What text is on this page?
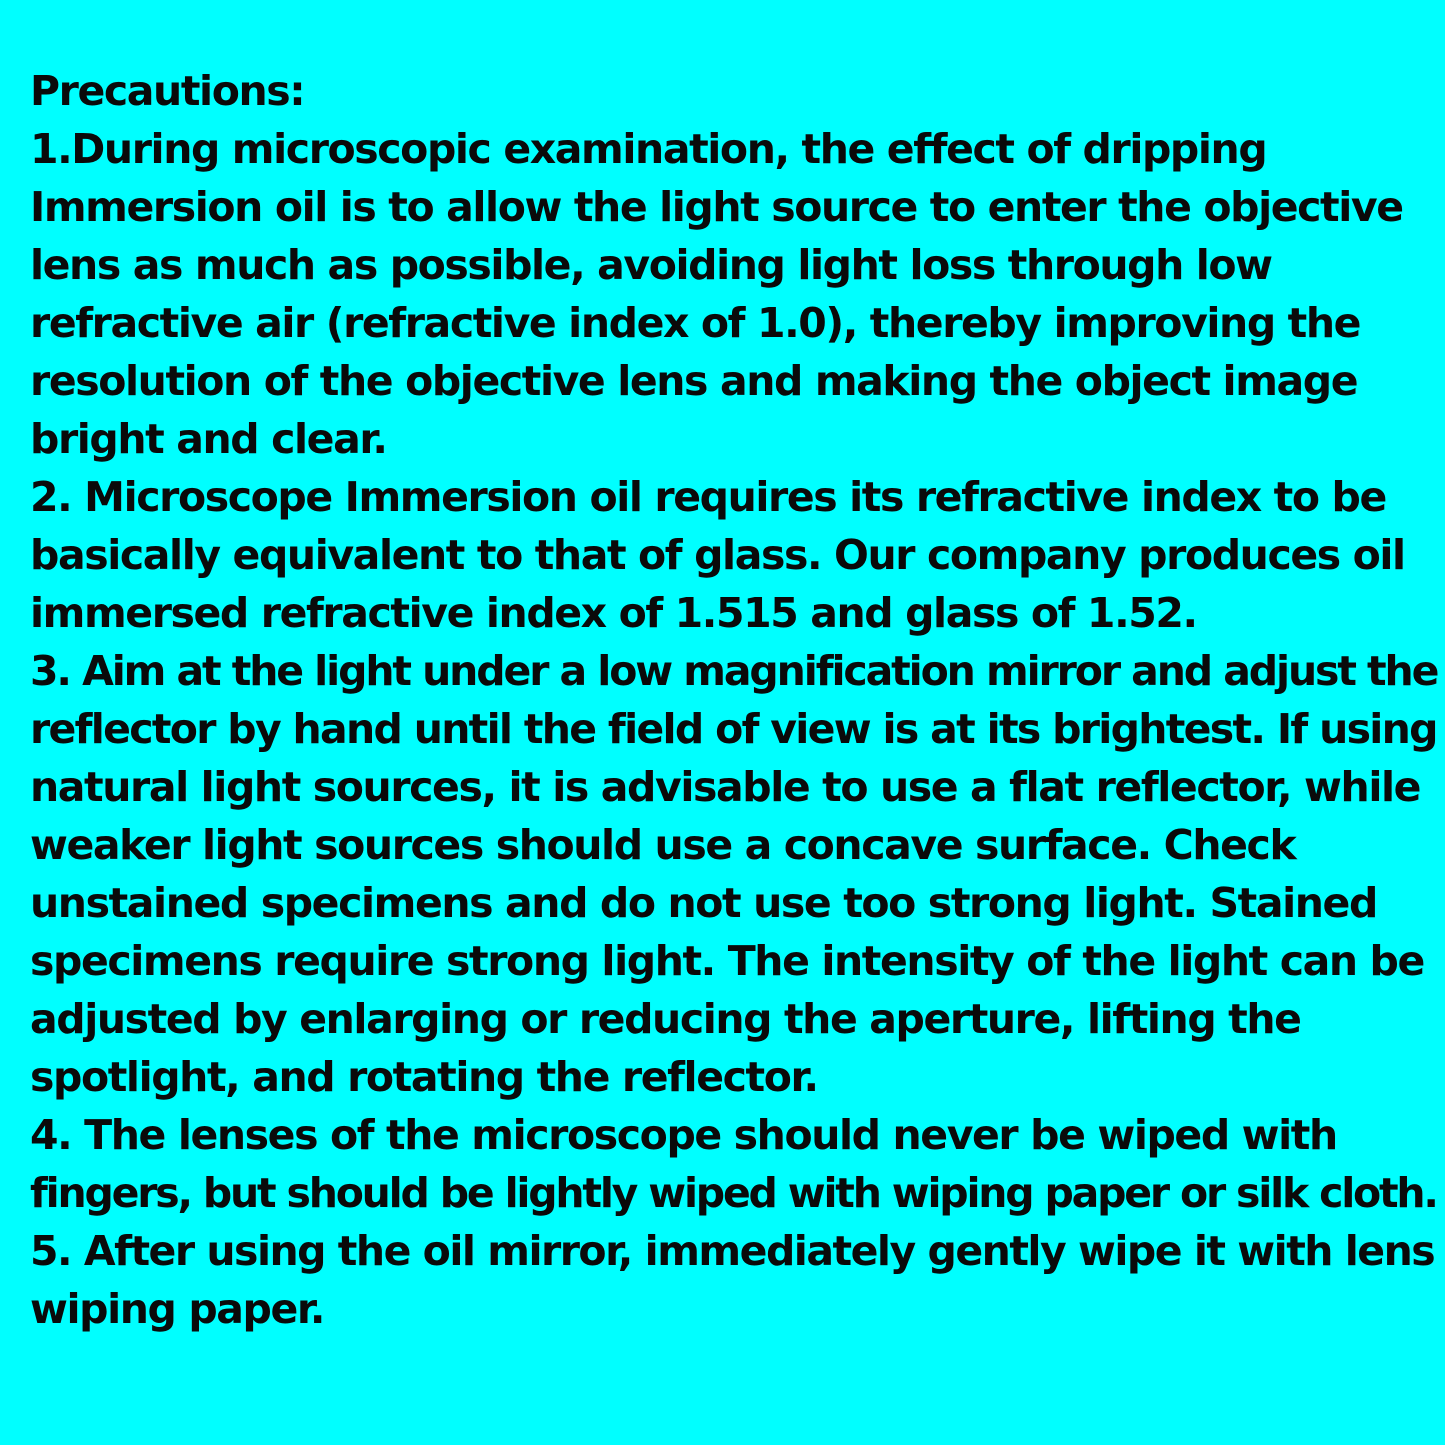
Precautions:

1.During microscopic examination, the effect of dripping

Immersion oil is to allow the light source to enter the objective

lens as much as possible, avoiding light loss through low

refractive air (refractive index of 1.0), thereby improving the

resolution of the objective lens and making the object image

bright and clear.

2. Microscope Immersion oil requires its refractive index to be

basically equivalent to that of glass. Our company produces oil

immersed refractive index of 1.515 and glass of 1.52.

3. Aim at the light under a low magnification mirror and adjust the

reflector by hand until the field of view is at its brightest. If using

natural light sources, it is advisable to use a flat reflector, while

weaker light sources should use a concave surface. Check

unstained specimens and do not use too strong light. Stained

specimens require strong light. The intensity of the light can be

adjusted by enlarging or reducing the aperture, lifting the

spotlight, and rotating the reflector.

4. The lenses of the microscope should never be wiped with

fingers, but should be lightly wiped with wiping paper or silk cloth.

5. After using the oil mirror, immediately gently wipe it with lens

wiping paper.
